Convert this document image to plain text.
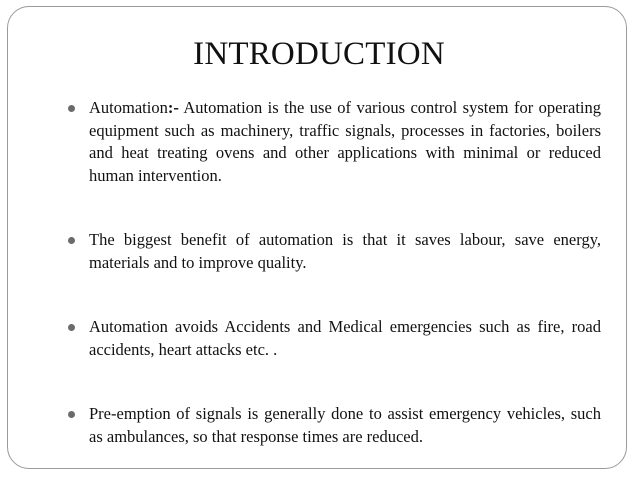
INTRODUCTION
Automation:- Automation is the use of various control system for operating equipment such as machinery, traffic signals, processes in factories, boilers and heat treating ovens and other applications with minimal or reduced human intervention.
The biggest benefit of automation is that it saves labour, save energy, materials and to improve quality.
Automation avoids Accidents and Medical emergencies such as fire, road accidents, heart attacks etc. .
Pre-emption of signals is generally done to assist emergency vehicles, such as ambulances, so that response times are reduced.
